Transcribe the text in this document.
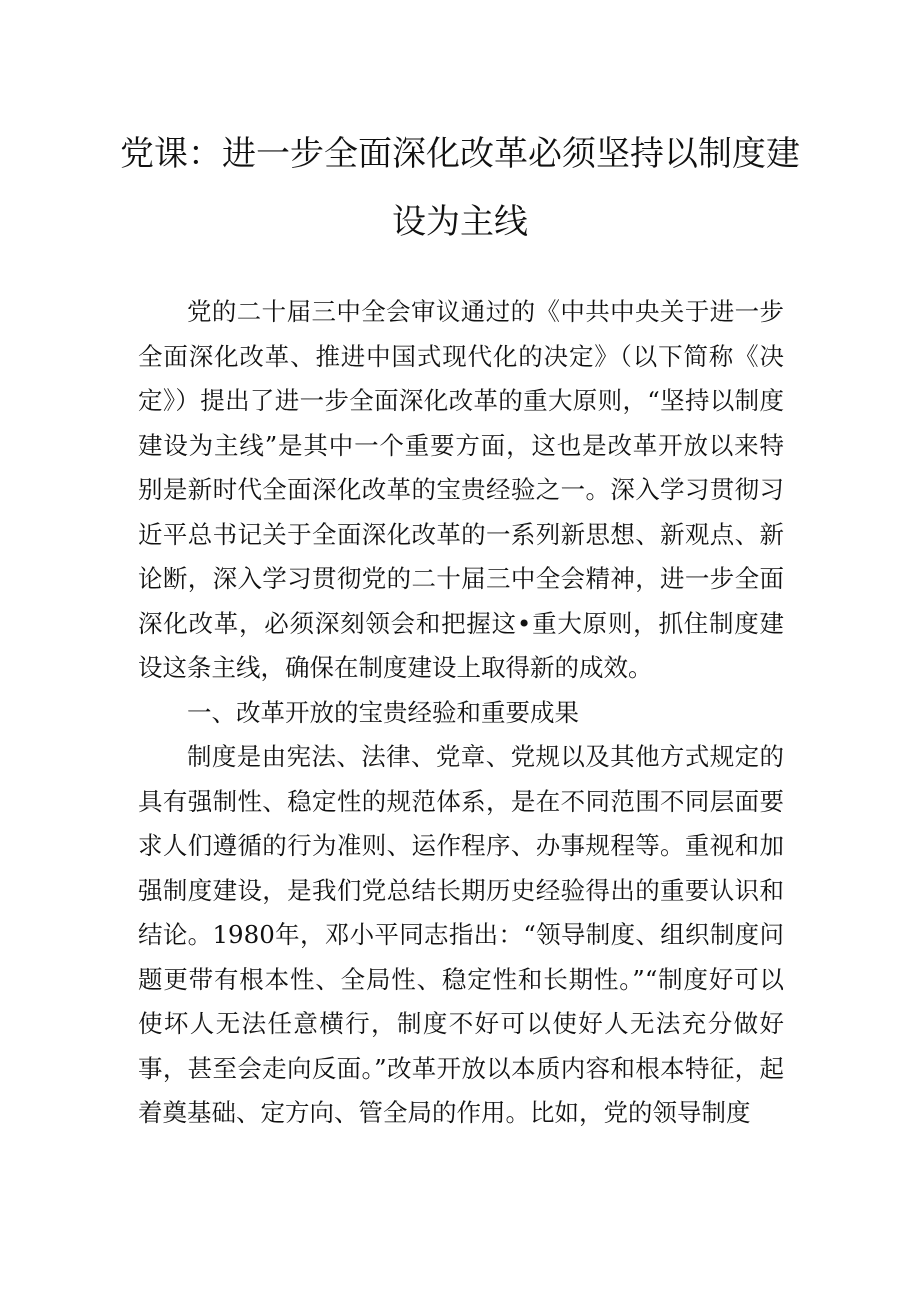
党课：进一步全面深化改革必须坚持以制度建设为主线

党的二十届三中全会审议通过的《中共中央关于进一步全面深化改革、推进中国式现代化的决定》（以下简称《决定》）提出了进一步全面深化改革的重大原则，“坚持以制度建设为主线”是其中一个重要方面，这也是改革开放以来特别是新时代全面深化改革的宝贵经验之一。深入学习贯彻习近平总书记关于全面深化改革的一系列新思想、新观点、新论断，深入学习贯彻党的二十届三中全会精神，进一步全面深化改革，必须深刻领会和把握这•重大原则，抓住制度建设这条主线，确保在制度建设上取得新的成效。

一、改革开放的宝贵经验和重要成果

制度是由宪法、法律、党章、党规以及其他方式规定的具有强制性、稳定性的规范体系，是在不同范围不同层面要求人们遵循的行为准则、运作程序、办事规程等。重视和加强制度建设，是我们党总结长期历史经验得出的重要认识和结论。1980年，邓小平同志指出：“领导制度、组织制度问题更带有根本性、全局性、稳定性和长期性。”“制度好可以使坏人无法任意横行，制度不好可以使好人无法充分做好事，甚至会走向反面。”改革开放以本质内容和根本特征，起着奠基础、定方向、管全局的作用。比如，党的领导制度
